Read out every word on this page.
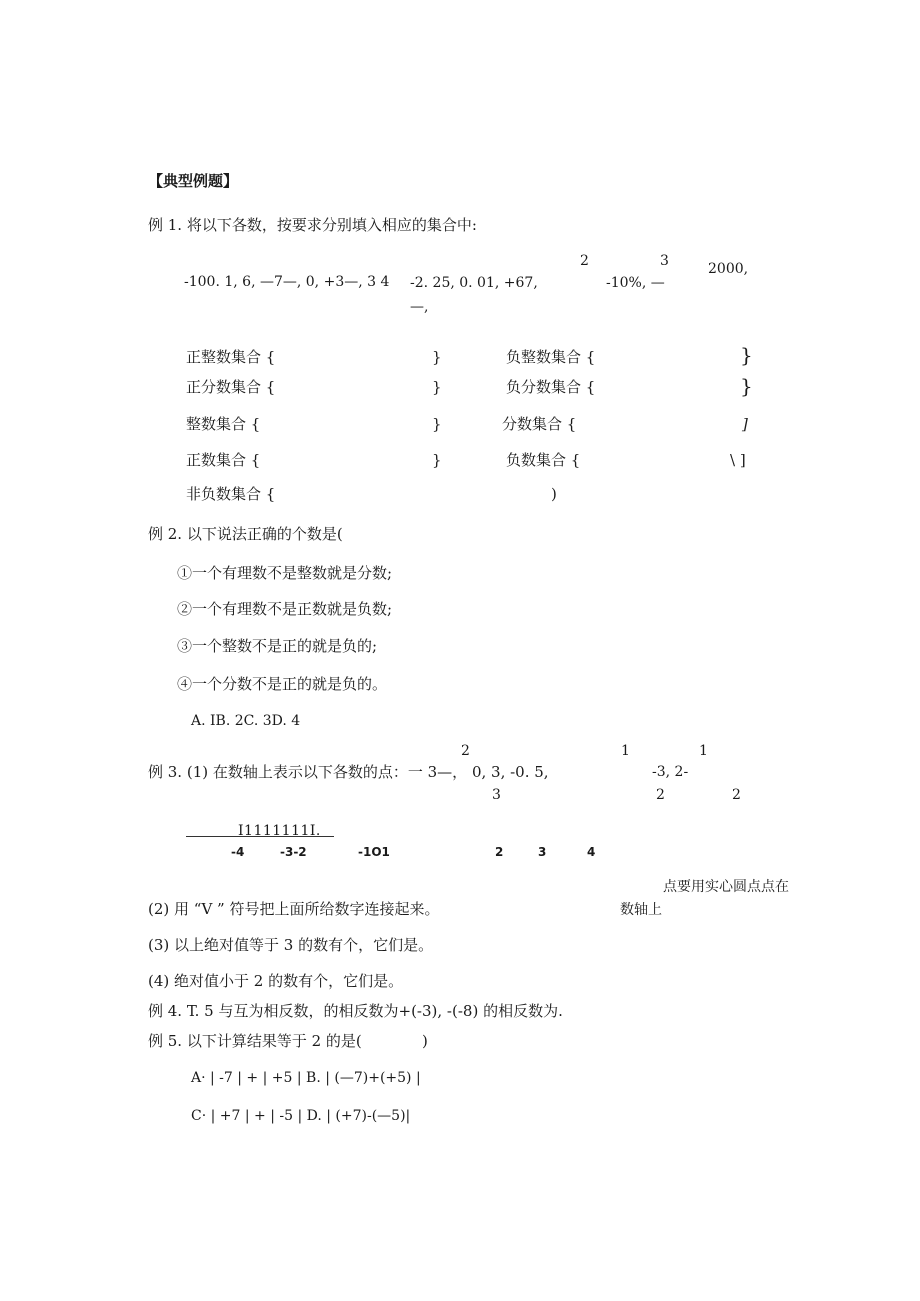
【典型例题】
例 1. 将以下各数，按要求分别填入相应的集合中:
-100. 1, 6, —7—, 0, +3—, 3 4 -2. 25, 0. 01, +67,
—,
2	3
-10%, —
2000,
正整数集合 {	}	负整数集合 {	}
正分数集合 {	}	负分数集合 {	}
整数集合 {	}	分数集合 {	]
正数集合 {	}	负数集合 {	\ ]
非负数集合 {	)
例 2. 以下说法正确的个数是(
①一个有理数不是整数就是分数;
②一个有理数不是正数就是负数;
③一个整数不是正的就是负的;
④一个分数不是正的就是负的。
A. IB. 2C. 3D. 4
2	1	1
例 3. (1) 在数轴上表示以下各数的点：一 3—， 0, 3, -0. 5,	-3, 2-
3	2	2
I1111111I.
-4	-3-2	-1O1	2	3	4
点要用实心圆点点在
数轴上
(2) 用 “V ” 符号把上面所给数字连接起来。
(3) 以上绝对值等于 3 的数有个，它们是。
(4) 绝对值小于 2 的数有个，它们是。
例 4. T. 5 与互为相反数，的相反数为+(-3), -(-8) 的相反数为.
例 5. 以下计算结果等于 2 的是(	)
A· | -7 | + | +5 | B. | (—7)+(+5) |
C· | +7 | + | -5 | D. | (+7)-(—5)|
